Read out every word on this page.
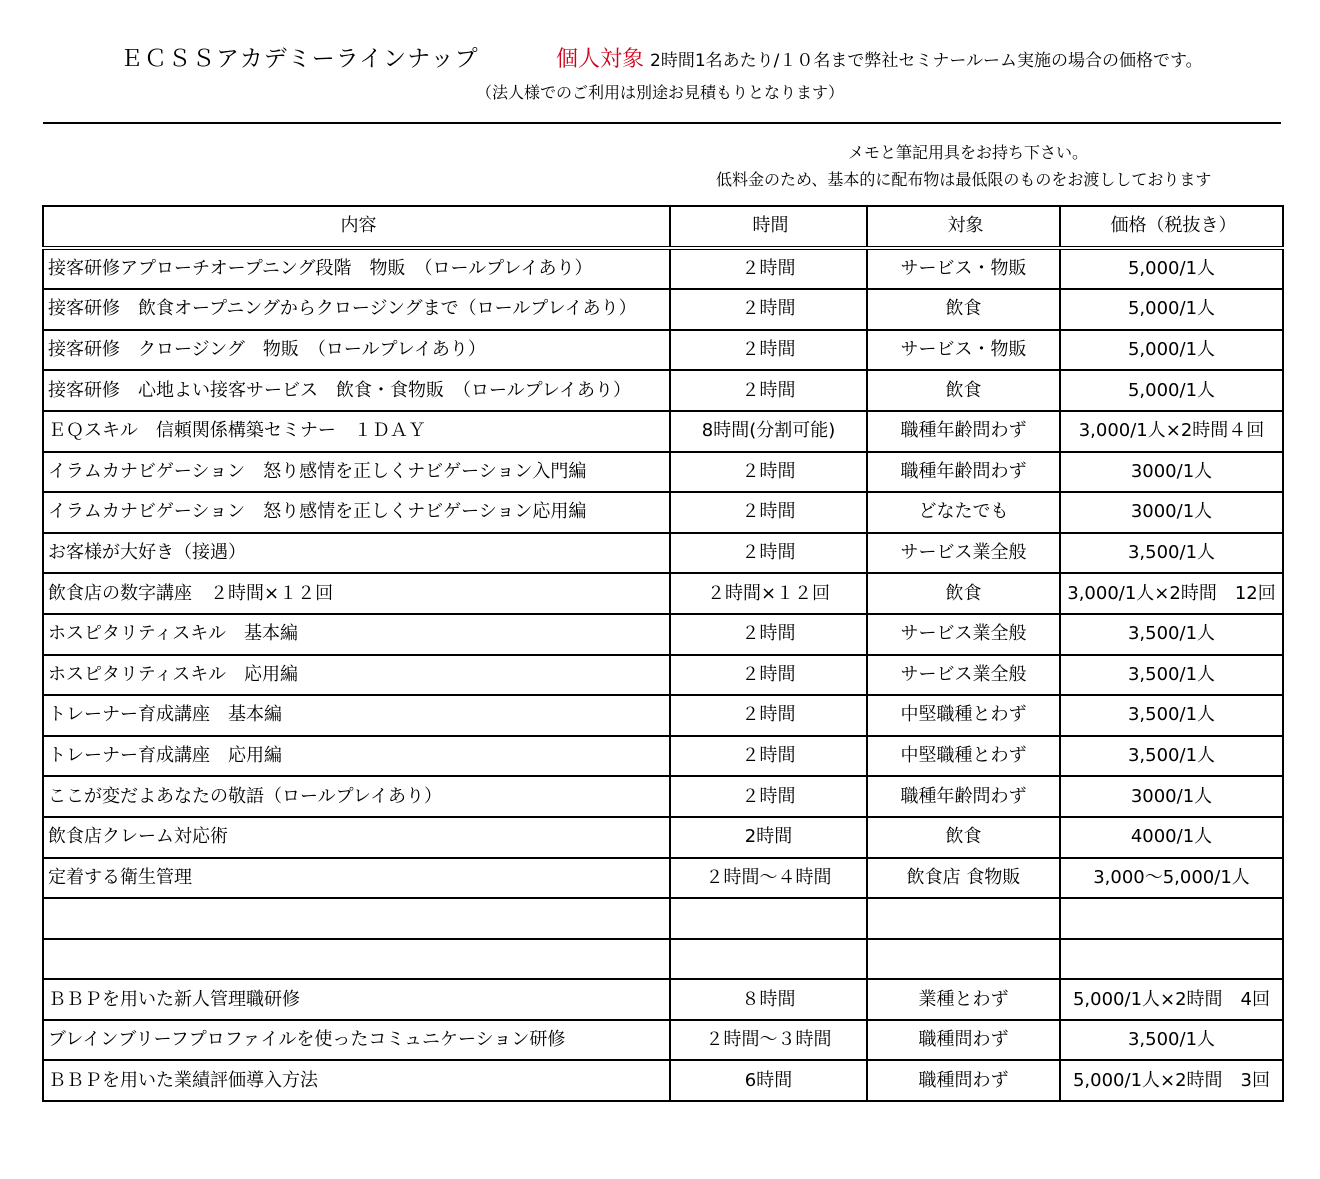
ＥＣＳＳアカデミーラインナップ	個人対象 2時間1名あたり/１０名まで弊社セミナールーム実施の場合の価格です。
（法人様でのご利用は別途お見積もりとなります）
メモと筆記用具をお持ち下さい。
低料金のため、基本的に配布物は最低限のものをお渡ししております
内容	時間	対象	価格（税抜き）
接客研修アプローチオープニング段階　物販　（ロールプレイあり）	２時間	サービス・物販	5,000/1人
接客研修　飲食オープニングからクロージングまで（ロールプレイあり）	２時間	飲食	5,000/1人
接客研修　クロージング　物販　（ロールプレイあり）	２時間	サービス・物販	5,000/1人
接客研修　心地よい接客サービス　飲食・食物販　（ロールプレイあり）	２時間	飲食	5,000/1人
ＥＱスキル　信頼関係構築セミナー　１ＤＡＹ	8時間(分割可能)	職種年齢問わず	3,000/1人×2時間４回
イラムカナビゲーション　怒り感情を正しくナビゲーション入門編	２時間	職種年齢問わず	3000/1人
イラムカナビゲーション　怒り感情を正しくナビゲーション応用編	２時間	どなたでも	3000/1人
お客様が大好き（接遇）	２時間	サービス業全般	3,500/1人
飲食店の数字講座　２時間×１２回	２時間×１２回	飲食	3,000/1人×2時間　12回
ホスピタリティスキル　基本編	２時間	サービス業全般	3,500/1人
ホスピタリティスキル　応用編	２時間	サービス業全般	3,500/1人
トレーナー育成講座　基本編	２時間	中堅職種とわず	3,500/1人
トレーナー育成講座　応用編	２時間	中堅職種とわず	3,500/1人
ここが変だよあなたの敬語（ロールプレイあり）	２時間	職種年齢問わず	3000/1人
飲食店クレーム対応術	2時間	飲食	4000/1人
定着する衛生管理	２時間～４時間	飲食店 食物販	3,000～5,000/1人

ＢＢＰを用いた新人管理職研修	８時間	業種とわず	5,000/1人×2時間　4回
ブレインブリーフプロファイルを使ったコミュニケーション研修	２時間～３時間	職種問わず	3,500/1人
ＢＢＰを用いた業績評価導入方法	6時間	職種問わず	5,000/1人×2時間　3回
